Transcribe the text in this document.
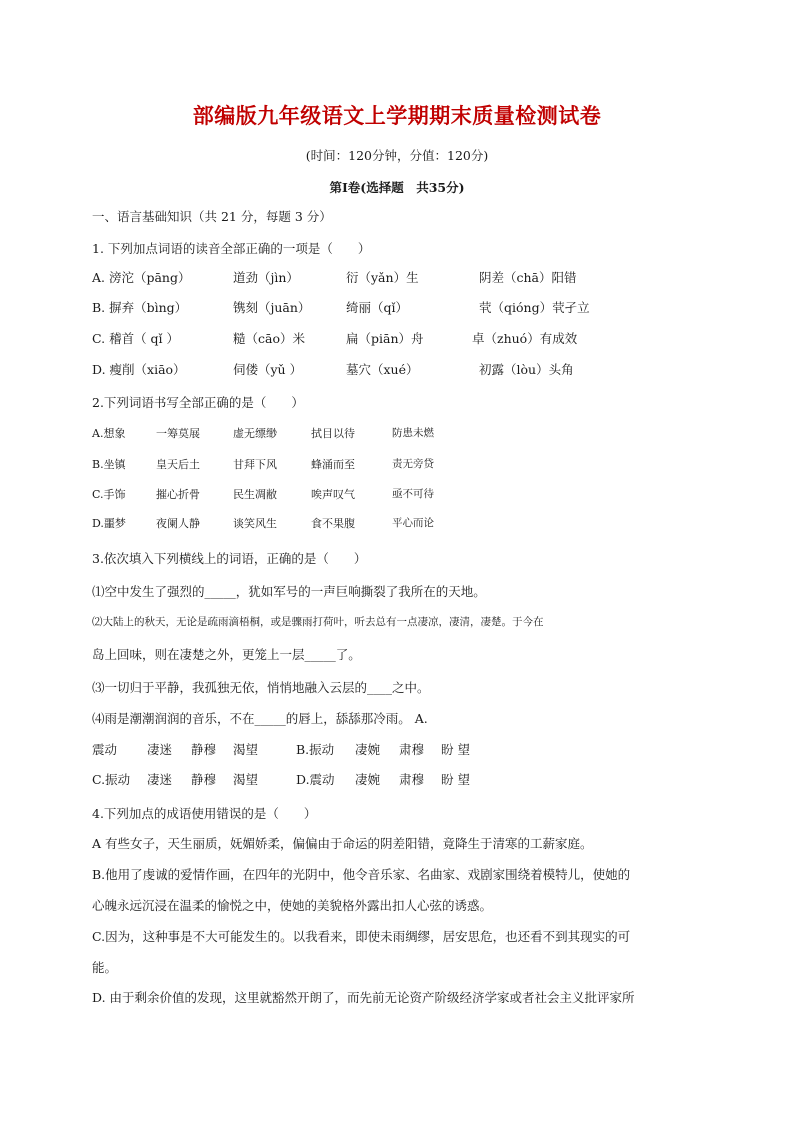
部编版九年级语文上学期期末质量检测试卷
(时间：120分钟，分值：120分)
第Ⅰ卷(选择题　共35分)
一、语言基础知识（共 21 分，每题 3 分）
1. 下列加点词语的读音全部正确的一项是（　　）
A. 滂沱（pāng）	道劲（jìn）	衍（yǎn）生	阴差（chā）阳错
B. 摒弃（bìng）	镌刻（juān）	绮丽（qǐ）	茕（qióng）茕孑立
C. 稽首（ qǐ ）	糙（cāo）米	扁（piān）舟	卓（zhuó）有成效
D. 瘦削（xiāo）	伺偻（yǔ ）	墓穴（xué）	初露（lòu）头角
2.下列词语书写全部正确的是（　　）
A.想象	一筹莫展	虚无缥缈	拭目以待	防患未燃
B.坐镇	皇天后土	甘拜下风	蜂涌而至	责无旁贷
C.手饰	摧心折骨	民生凋敝	唉声叹气	亟不可待
D.噩梦	夜阑人静	谈笑风生	食不果腹	平心而论
3.依次填入下列横线上的词语，正确的是（　　）
⑴空中发生了强烈的_____，犹如军号的一声巨响撕裂了我所在的天地。
⑵大陆上的秋天，无论是疏雨滴梧桐，或是骤雨打荷叶，听去总有一点凄凉，凄清，凄楚。于今在
岛上回味，则在凄楚之外，更笼上一层_____了。
⑶一切归于平静，我孤独无依，悄悄地融入云层的____之中。
⑷雨是潮潮润润的音乐，不在_____的唇上，舔舔那冷雨。 A.
震动 凄迷 静穆 渴望	B.振动 凄婉 肃穆 盼 望
C.振动 凄迷 静穆 渴望	D.震动 凄婉 肃穆 盼 望
4.下列加点的成语使用错误的是（　　）
A 有些女子，天生丽质，妩媚娇柔，偏偏由于命运的阴差阳错，竟降生于清寒的工薪家庭。
B.他用了虔诚的爱情作画，在四年的光阴中，他令音乐家、名曲家、戏剧家围绕着模特儿，使她的
心魄永远沉浸在温柔的愉悦之中，使她的美貌格外露出扣人心弦的诱惑。
C.因为，这种事是不大可能发生的。以我看来，即使未雨绸缪，居安思危，也还看不到其现实的可
能。
D. 由于剩余价值的发现，这里就豁然开朗了，而先前无论资产阶级经济学家或者社会主义批评家所
